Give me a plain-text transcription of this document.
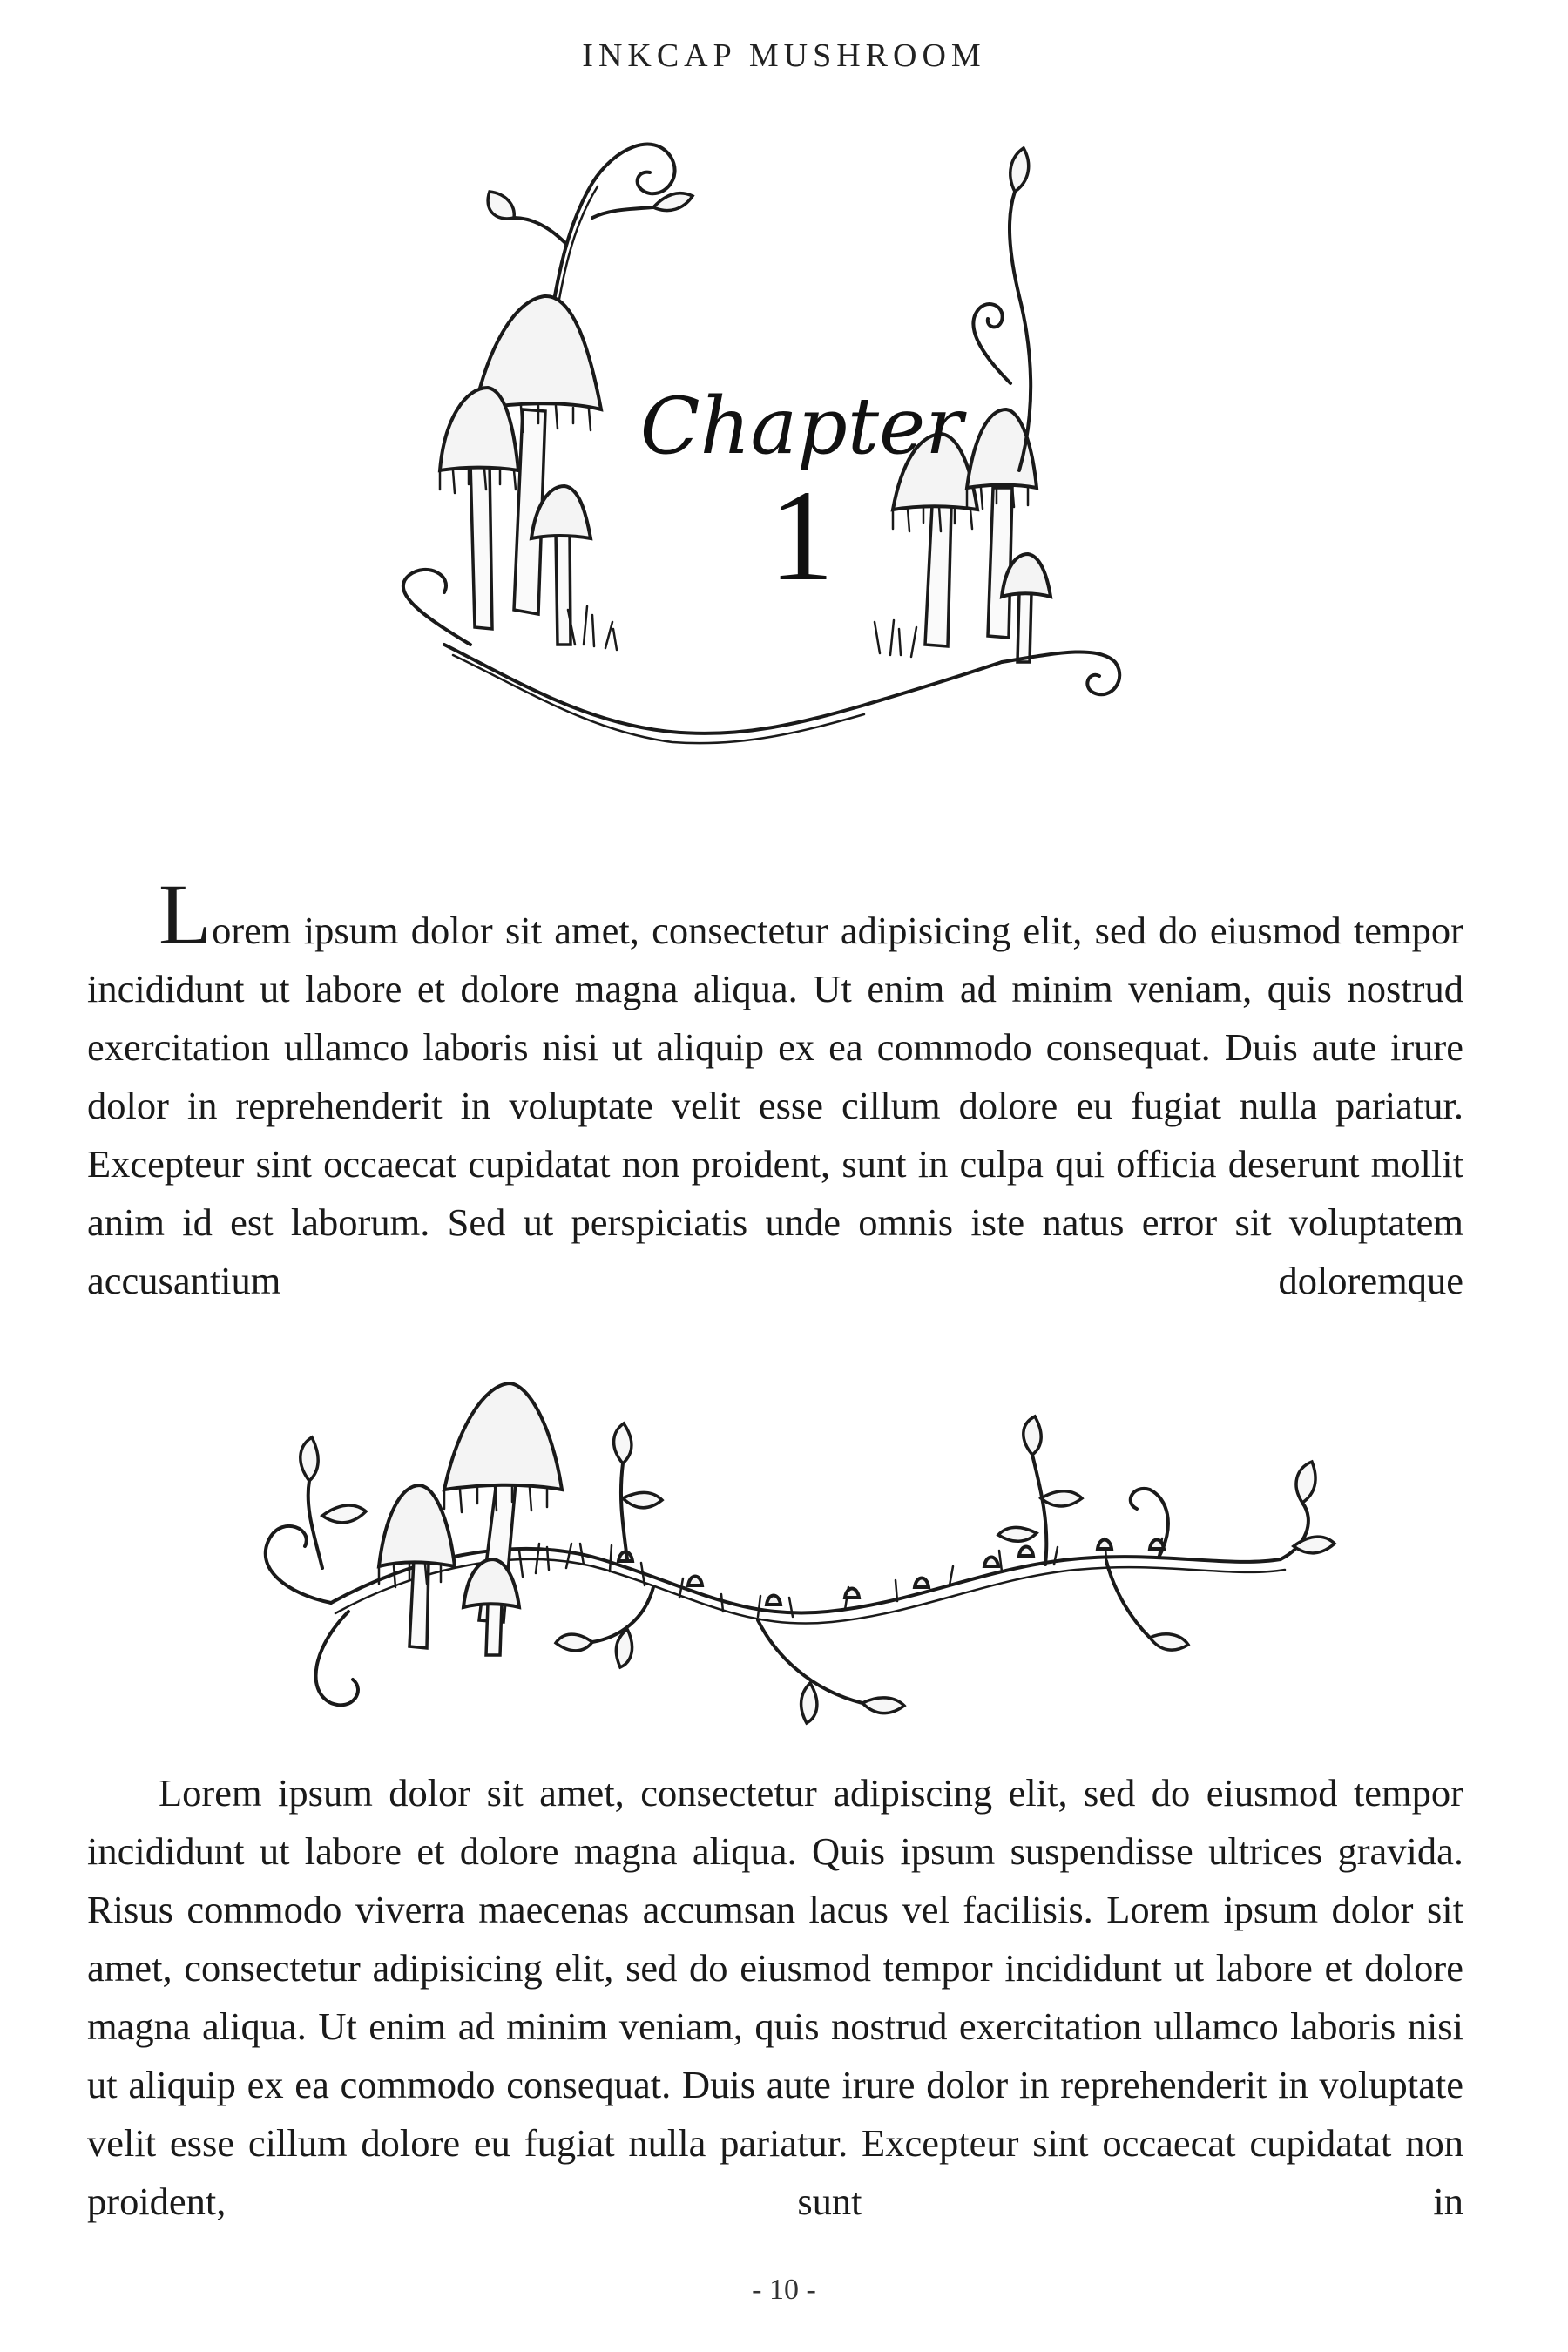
INKCAP MUSHROOM
Chapter
1

Lorem ipsum dolor sit amet, consectetur adipisicing elit, sed do eiusmod tempor incididunt ut labore et dolore magna aliqua. Ut enim ad minim veniam, quis nostrud exercitation ullamco laboris nisi ut aliquip ex ea commodo consequat. Duis aute irure dolor in reprehenderit in voluptate velit esse cillum dolore eu fugiat nulla pariatur. Excepteur sint occaecat cupidatat non proident, sunt in culpa qui officia deserunt mollit anim id est laborum. Sed ut perspiciatis unde omnis iste natus error sit voluptatem accusantium doloremque

Lorem ipsum dolor sit amet, consectetur adipiscing elit, sed do eiusmod tempor incididunt ut labore et dolore magna aliqua. Quis ipsum suspendisse ultrices gravida. Risus commodo viverra maecenas accumsan lacus vel facilisis. Lorem ipsum dolor sit amet, consectetur adipisicing elit, sed do eiusmod tempor incididunt ut labore et dolore magna aliqua. Ut enim ad minim veniam, quis nostrud exercitation ullamco laboris nisi ut aliquip ex ea commodo consequat. Duis aute irure dolor in reprehenderit in voluptate velit esse cillum dolore eu fugiat nulla pariatur. Excepteur sint occaecat cupidatat non proident, sunt in

- 10 -
